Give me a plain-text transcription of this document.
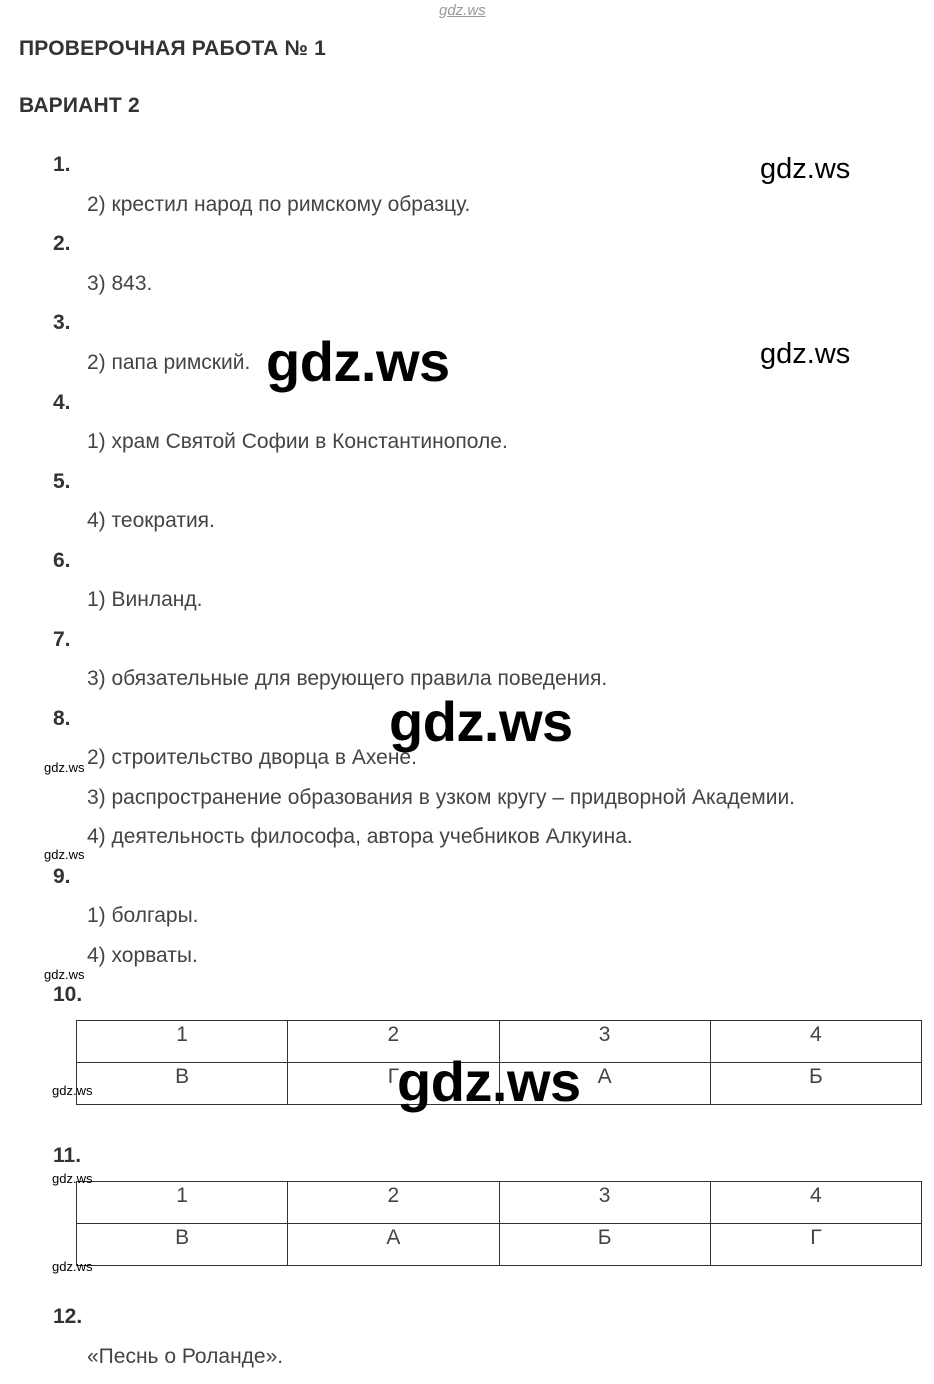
gdz.ws
ПРОВЕРОЧНАЯ РАБОТА № 1
ВАРИАНТ 2
1.
2) крестил народ по римскому образцу.
2.
3) 843.
3.
2) папа римский.
4.
1) храм Святой Софии в Константинополе.
5.
4) теократия.
6.
1) Винланд.
7.
3) обязательные для верующего правила поведения.
8.
2) строительство дворца в Ахене.
3) распространение образования в узком кругу – придворной Академии.
4) деятельность философа, автора учебников Алкуина.
9.
1) болгары.
4) хорваты.
10.
1	2	3	4
В	Г	А	Б
11.
1	2	3	4
В	А	Б	Г
12.
«Песнь о Роланде».
gdz.ws
gdz.ws
gdz.ws
gdz.ws
gdz.ws
gdz.ws
gdz.ws
gdz.ws
gdz.ws
gdz.ws
gdz.ws
